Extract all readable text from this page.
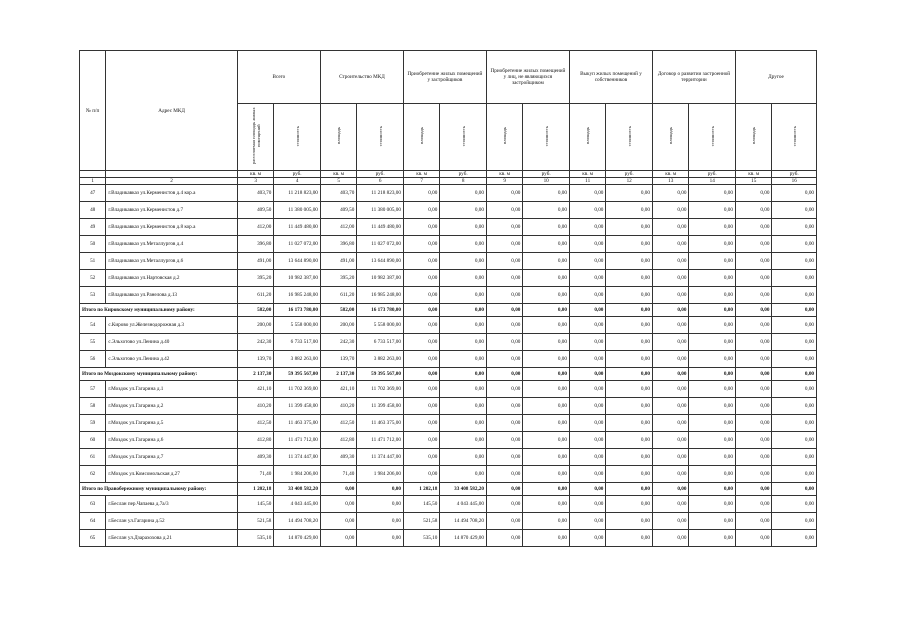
№ п/п	Адрес МКД	Всего		Строительство МКД		Приобретение жилых помещений у застройщиков		Приобретение жилых помещений у лиц, не являющихся застройщиком		Выкуп жилых помещений у собственников		Договор о развитии застроенной территории		Другое	
		расселяемая площадь жилых помещений	стоимость	площадь	стоимость	площадь	стоимость	площадь	стоимость	площадь	стоимость	площадь	стоимость	площадь	стоимость
		кв. м	руб.	кв. м	руб.	кв. м	руб.	кв. м	руб.	кв. м	руб.	кв. м	руб.	кв. м	руб.
1	2	3	4	5	6	7	8	9	10	11	12	13	14	15	16
47	г.Владикавказ ул.Керменистов д.4 кор.а	403,70	11 218 823,00	403,70	11 218 823,00	0,00	0,00	0,00	0,00	0,00	0,00	0,00	0,00	0,00	0,00
48	г.Владикавказ ул.Керменистов д.7	409,50	11 380 005,00	409,50	11 380 005,00	0,00	0,00	0,00	0,00	0,00	0,00	0,00	0,00	0,00	0,00
49	г.Владикавказ ул.Керменистов д.8 кор.а	412,00	11 449 480,00	412,00	11 449 480,00	0,00	0,00	0,00	0,00	0,00	0,00	0,00	0,00	0,00	0,00
50	г.Владикавказ ул.Металлургов д.4	396,80	11 027 072,00	396,80	11 027 072,00	0,00	0,00	0,00	0,00	0,00	0,00	0,00	0,00	0,00	0,00
51	г.Владикавказ ул.Металлургов д.6	491,00	13 644 890,00	491,00	13 644 890,00	0,00	0,00	0,00	0,00	0,00	0,00	0,00	0,00	0,00	0,00
52	г.Владикавказ ул.Нартовская д.2	395,20	10 982 387,00	395,20	10 982 387,00	0,00	0,00	0,00	0,00	0,00	0,00	0,00	0,00	0,00	0,00
53	г.Владикавказ ул.Ранелова д.13	611,20	16 985 248,00	611,20	16 985 248,00	0,00	0,00	0,00	0,00	0,00	0,00	0,00	0,00	0,00	0,00
Итого по Кировскому муниципальному району:		582,00	16 173 780,00	582,00	16 173 780,00	0,00	0,00	0,00	0,00	0,00	0,00	0,00	0,00	0,00	0,00
54	с.Кирово ул.Железнодорожная д.3	200,00	5 558 000,00	200,00	5 558 000,00	0,00	0,00	0,00	0,00	0,00	0,00	0,00	0,00	0,00	0,00
55	с.Эльхотово ул.Ленина д.40	242,30	6 733 517,00	242,30	6 733 517,00	0,00	0,00	0,00	0,00	0,00	0,00	0,00	0,00	0,00	0,00
56	с.Эльхотово ул.Ленина д.42	139,70	3 882 263,00	139,70	3 882 263,00	0,00	0,00	0,00	0,00	0,00	0,00	0,00	0,00	0,00	0,00
Итого по Моздокскому муниципальному району:		2 137,30	59 395 567,00	2 137,30	59 395 567,00	0,00	0,00	0,00	0,00	0,00	0,00	0,00	0,00	0,00	0,00
57	г.Моздок ул.Гагарина д.1	421,10	11 702 369,00	421,10	11 702 369,00	0,00	0,00	0,00	0,00	0,00	0,00	0,00	0,00	0,00	0,00
58	г.Моздок ул.Гагарина д.2	410,20	11 399 458,00	410,20	11 399 458,00	0,00	0,00	0,00	0,00	0,00	0,00	0,00	0,00	0,00	0,00
59	г.Моздок ул.Гагарина д.5	412,50	11 463 375,00	412,50	11 463 375,00	0,00	0,00	0,00	0,00	0,00	0,00	0,00	0,00	0,00	0,00
60	г.Моздок ул.Гагарина д.6	412,80	11 471 712,00	412,80	11 471 712,00	0,00	0,00	0,00	0,00	0,00	0,00	0,00	0,00	0,00	0,00
61	г.Моздок ул.Гагарина д.7	409,30	11 374 447,00	409,30	11 374 447,00	0,00	0,00	0,00	0,00	0,00	0,00	0,00	0,00	0,00	0,00
62	г.Моздок ул.Комсомольская д.27	71,40	1 984 206,00	71,40	1 984 206,00	0,00	0,00	0,00	0,00	0,00	0,00	0,00	0,00	0,00	0,00
Итого по Правобережному муниципальному району:		1 202,18	33 408 582,20	0,00	0,00	1 202,18	33 408 582,20	0,00	0,00	0,00	0,00	0,00	0,00	0,00	0,00
63	г.Беслан пер.Чапаева д.7а/3	145,50	4 043 445,00	0,00	0,00	145,50	4 043 445,00	0,00	0,00	0,00	0,00	0,00	0,00	0,00	0,00
64	г.Беслан ул.Гагарина д.52	521,58	14 494 708,20	0,00	0,00	521,58	14 494 708,20	0,00	0,00	0,00	0,00	0,00	0,00	0,00	0,00
65	г.Беслан ул.Дзарахохова д.21	535,10	14 870 429,00	0,00	0,00	535,10	14 870 429,00	0,00	0,00	0,00	0,00	0,00	0,00	0,00	0,00
